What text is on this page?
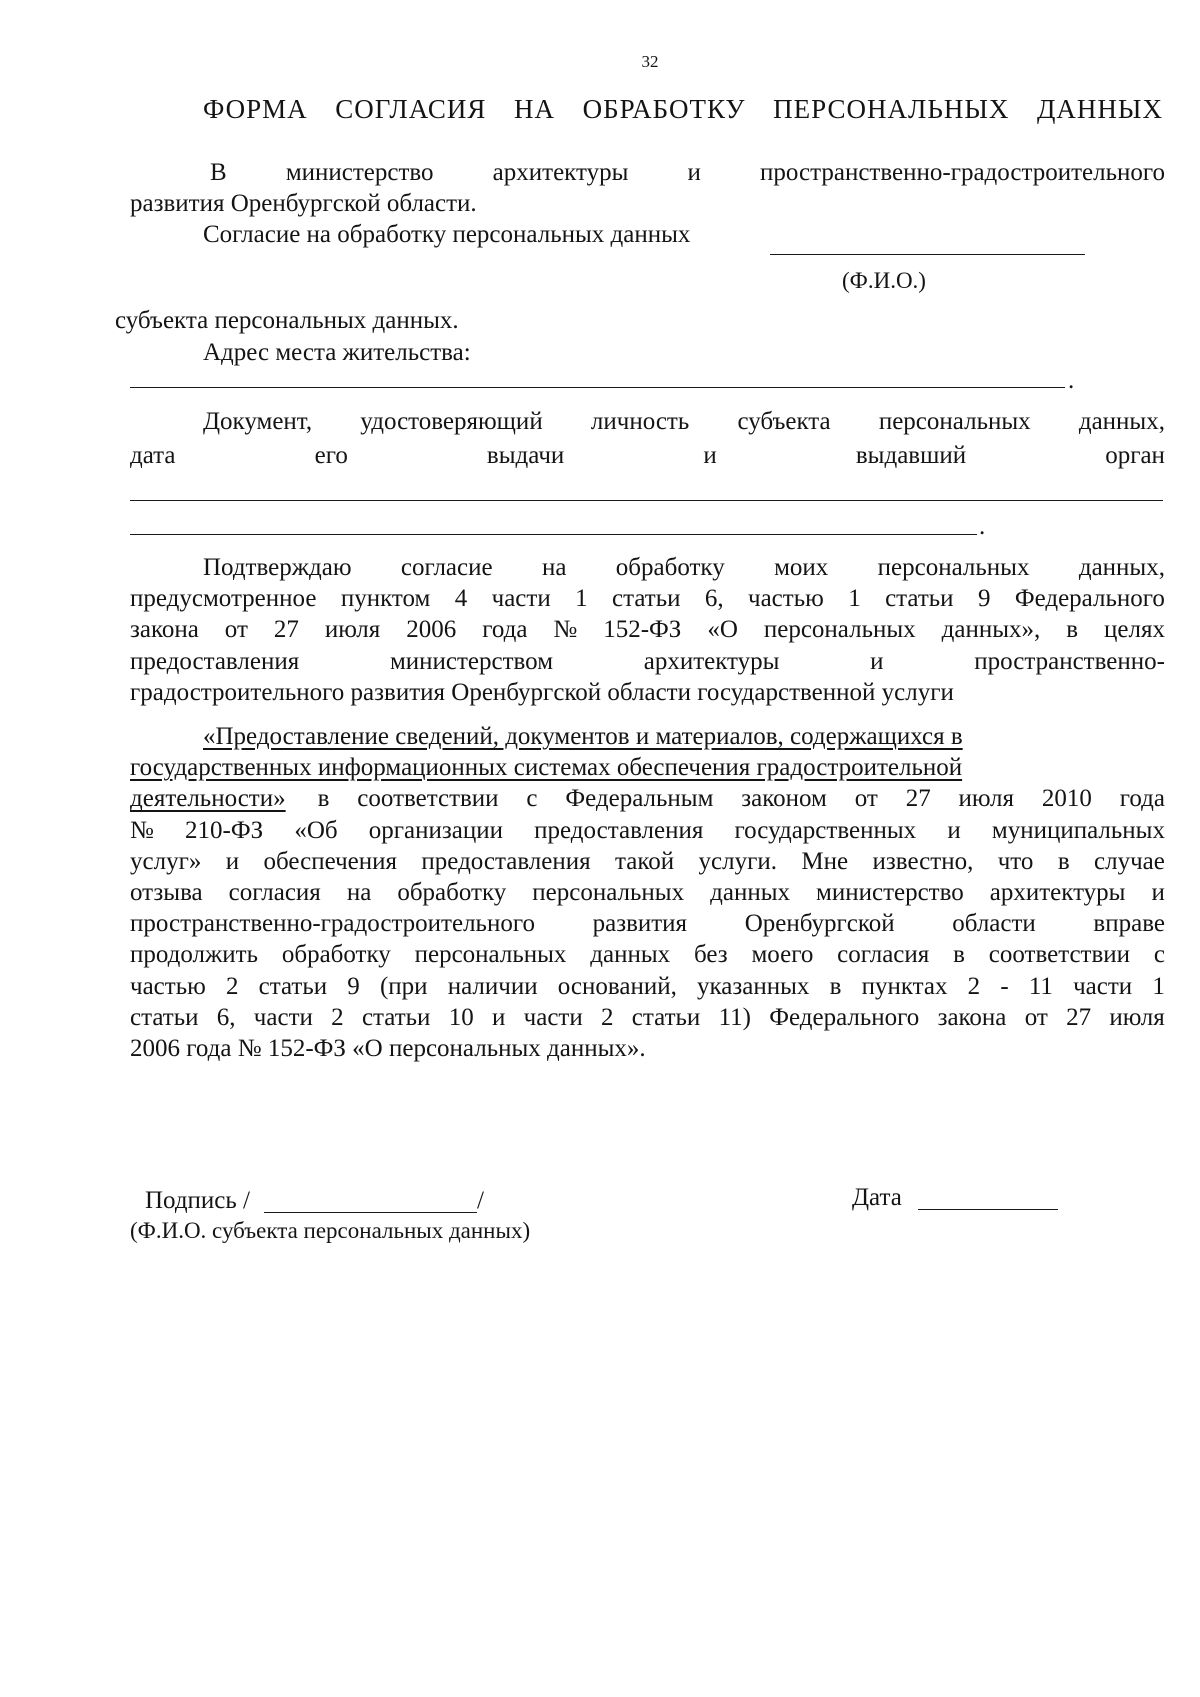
32
ФОРМА СОГЛАСИЯ НА ОБРАБОТКУ ПЕРСОНАЛЬНЫХ ДАННЫХ
В министерство архитектуры и пространственно-градостроительного
развития Оренбургской области.
Согласие на обработку персональных данных
(Ф.И.О.)
субъекта персональных данных.
Адрес места жительства:
.
Документ, удостоверяющий личность субъекта персональных данных,
дата	его	выдачи	и	выдавший	орган
.
Подтверждаю согласие на обработку моих персональных данных,
предусмотренное пунктом 4 части 1 статьи 6, частью 1 статьи 9 Федерального
закона от 27 июля 2006 года № 152-ФЗ «О персональных данных», в целях
предоставления	министерством	архитектуры	и	пространственно-
градостроительного развития Оренбургской области государственной услуги
«Предоставление сведений, документов и материалов, содержащихся в
государственных информационных системах обеспечения градостроительной
деятельности»	в соответствии с Федеральным законом от 27 июля 2010 года
№ 210-ФЗ «Об организации предоставления государственных и муниципальных
услуг» и обеспечения предоставления такой услуги. Мне известно, что в случае
отзыва согласия на обработку персональных данных министерство архитектуры и
пространственно-градостроительного развития Оренбургской области вправе
продолжить обработку персональных данных без моего согласия в соответствии с
частью 2 статьи 9 (при наличии оснований, указанных в пунктах 2 - 11 части 1
статьи 6, части 2 статьи 10 и части 2 статьи 11) Федерального закона от 27 июля
2006 года № 152-ФЗ «О персональных данных».
Подпись /	/
(Ф.И.О. субъекта персональных данных)
Дата
